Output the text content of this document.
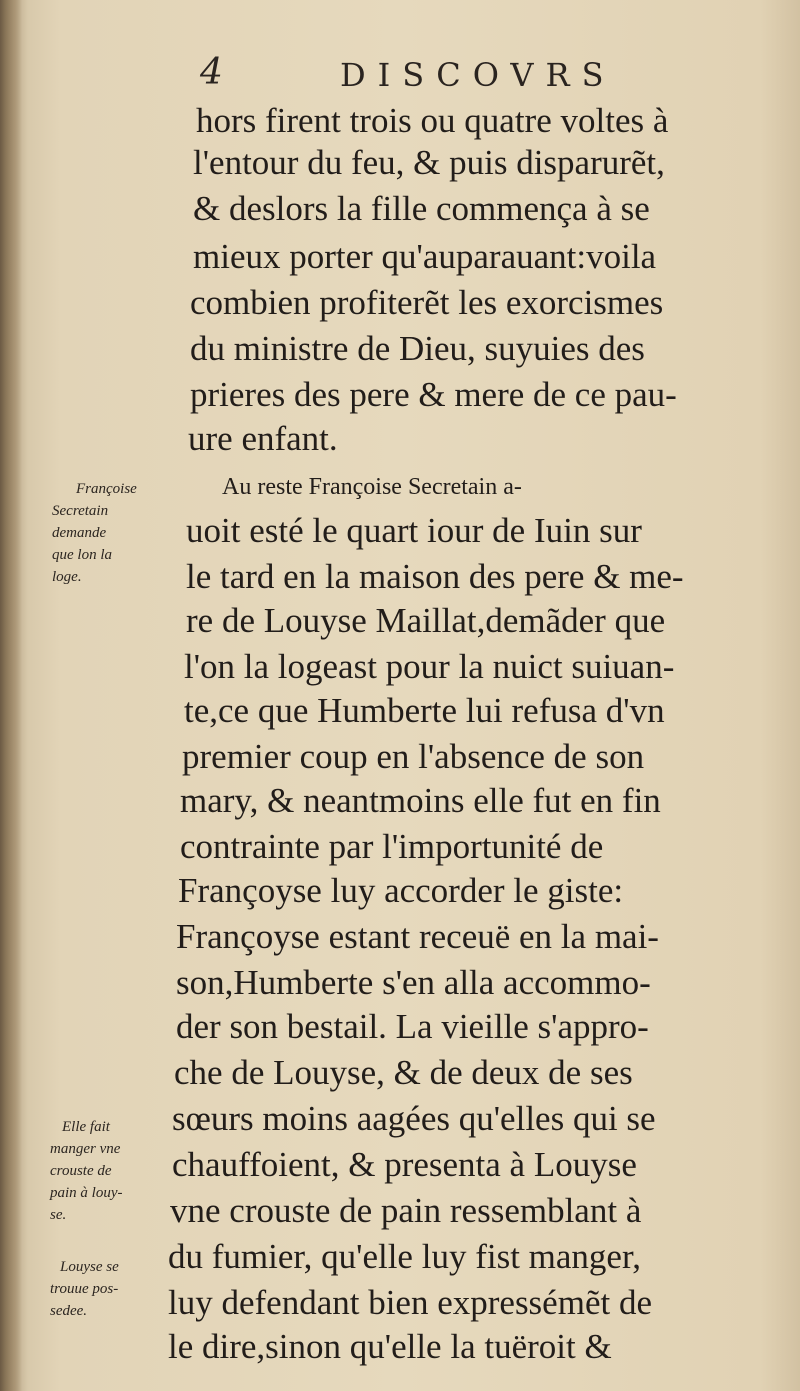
4	DISCOVRS
hors firent trois ou quatre voltes à
l'entour du feu, & puis disparurẽt,
& deslors la fille commença à se
mieux porter qu'auparauant:voila
combien profiterẽt les exorcismes
du ministre de Dieu, suyuies des
prieres des pere & mere de ce pau-
ure enfant.
Au reste Françoise Secretain a-
uoit esté le quart iour de Iuin sur
le tard en la maison des pere & me-
re de Louyse Maillat,demãder que
l'on la logeast pour la nuict suiuan-
te,ce que Humberte lui refusa d'vn
premier coup en l'absence de son
mary, & neantmoins elle fut en fin
contrainte par l'importunité de
Françoyse luy accorder le giste:
Françoyse estant receuë en la mai-
son,Humberte s'en alla accommo-
der son bestail. La vieille s'appro-
che de Louyse, & de deux de ses
sœurs moins aagées qu'elles qui se
chauffoient, & presenta à Louyse
vne crouste de pain ressemblant à
du fumier, qu'elle luy fist manger,
luy defendant bien expressémẽt de
le dire,sinon qu'elle la tuëroit &
Françoise
Secretain
demande
que lon la
loge.
Elle fait
manger vne
crouste de
pain à louy-
se.
Louyse se
trouue pos-
sedee.
